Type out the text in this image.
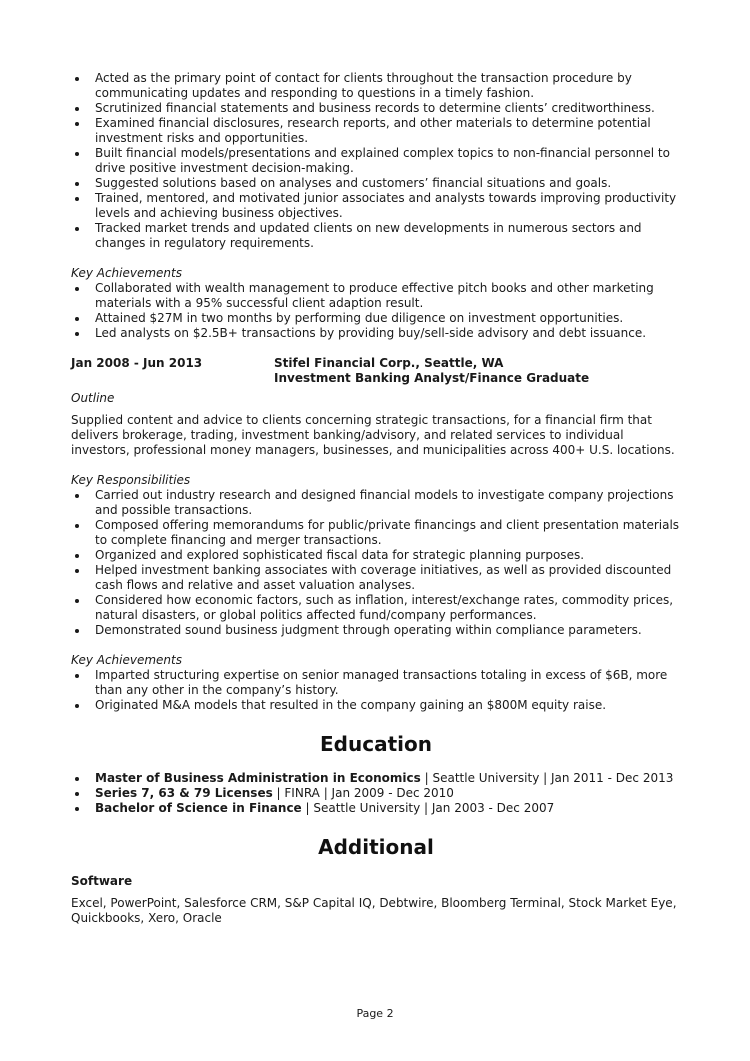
Acted as the primary point of contact for clients throughout the transaction procedure by communicating updates and responding to questions in a timely fashion.
Scrutinized financial statements and business records to determine clients’ creditworthiness.
Examined financial disclosures, research reports, and other materials to determine potential investment risks and opportunities.
Built financial models/presentations and explained complex topics to non-financial personnel to drive positive investment decision-making.
Suggested solutions based on analyses and customers’ financial situations and goals.
Trained, mentored, and motivated junior associates and analysts towards improving productivity levels and achieving business objectives.
Tracked market trends and updated clients on new developments in numerous sectors and changes in regulatory requirements.

Key Achievements

Collaborated with wealth management to produce effective pitch books and other marketing materials with a 95% successful client adaption result.
Attained $27M in two months by performing due diligence on investment opportunities.
Led analysts on $2.5B+ transactions by providing buy/sell-side advisory and debt issuance.
Jan 2008 - Jun 2013	Stifel Financial Corp., Seattle, WA
Investment Banking Analyst/Finance Graduate

Outline

Supplied content and advice to clients concerning strategic transactions, for a financial firm that delivers brokerage, trading, investment banking/advisory, and related services to individual investors, professional money managers, businesses, and municipalities across 400+ U.S. locations.

Key Responsibilities

Carried out industry research and designed financial models to investigate company projections and possible transactions.
Composed offering memorandums for public/private financings and client presentation materials to complete financing and merger transactions.
Organized and explored sophisticated fiscal data for strategic planning purposes.
Helped investment banking associates with coverage initiatives, as well as provided discounted cash flows and relative and asset valuation analyses.
Considered how economic factors, such as inflation, interest/exchange rates, commodity prices, natural disasters, or global politics affected fund/company performances.
Demonstrated sound business judgment through operating within compliance parameters.

Key Achievements

Imparted structuring expertise on senior managed transactions totaling in excess of $6B, more than any other in the company’s history.
Originated M&A models that resulted in the company gaining an $800M equity raise.
Education
Master of Business Administration in Economics | Seattle University | Jan 2011 - Dec 2013
Series 7, 63 & 79 Licenses | FINRA | Jan 2009 - Dec 2010
Bachelor of Science in Finance | Seattle University | Jan 2003 - Dec 2007
Additional

Software

Excel, PowerPoint, Salesforce CRM, S&P Capital IQ, Debtwire, Bloomberg Terminal, Stock Market Eye, Quickbooks, Xero, Oracle

Page 2
